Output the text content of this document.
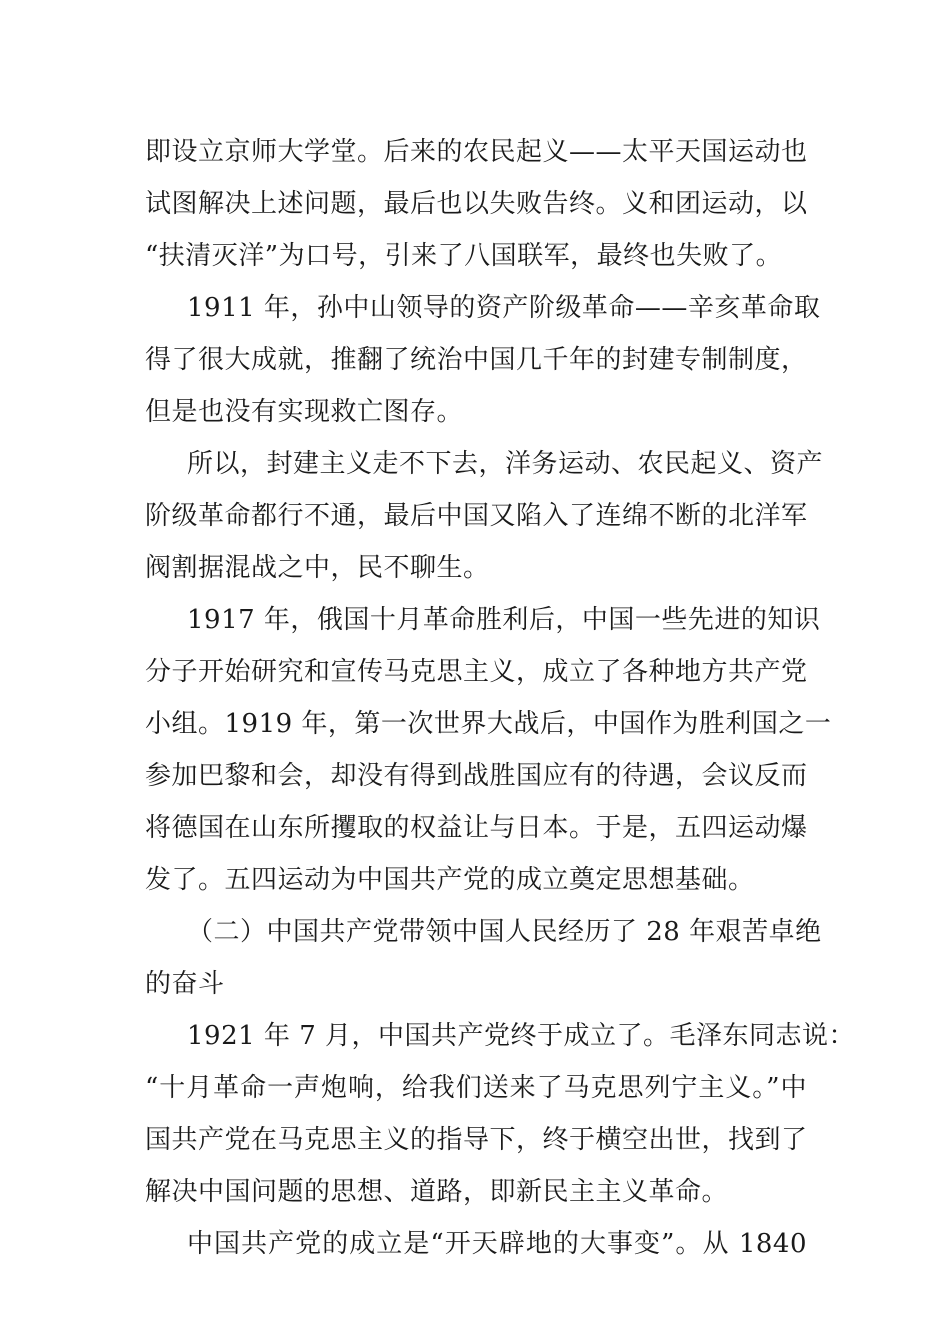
即设立京师大学堂。后来的农民起义——太平天国运动也
试图解决上述问题，最后也以失败告终。义和团运动，以
“扶清灭洋”为口号，引来了八国联军，最终也失败了。
1911 年，孙中山领导的资产阶级革命——辛亥革命取
得了很大成就，推翻了统治中国几千年的封建专制制度，
但是也没有实现救亡图存。
所以，封建主义走不下去，洋务运动、农民起义、资产
阶级革命都行不通，最后中国又陷入了连绵不断的北洋军
阀割据混战之中，民不聊生。
1917 年，俄国十月革命胜利后，中国一些先进的知识
分子开始研究和宣传马克思主义，成立了各种地方共产党
小组。1919 年，第一次世界大战后，中国作为胜利国之一
参加巴黎和会，却没有得到战胜国应有的待遇，会议反而
将德国在山东所攫取的权益让与日本。于是，五四运动爆
发了。五四运动为中国共产党的成立奠定思想基础。
（二）中国共产党带领中国人民经历了 28 年艰苦卓绝
的奋斗
1921 年 7 月，中国共产党终于成立了。毛泽东同志说：
“十月革命一声炮响，给我们送来了马克思列宁主义。”中
国共产党在马克思主义的指导下，终于横空出世，找到了
解决中国问题的思想、道路，即新民主主义革命。
中国共产党的成立是“开天辟地的大事变”。从 1840
